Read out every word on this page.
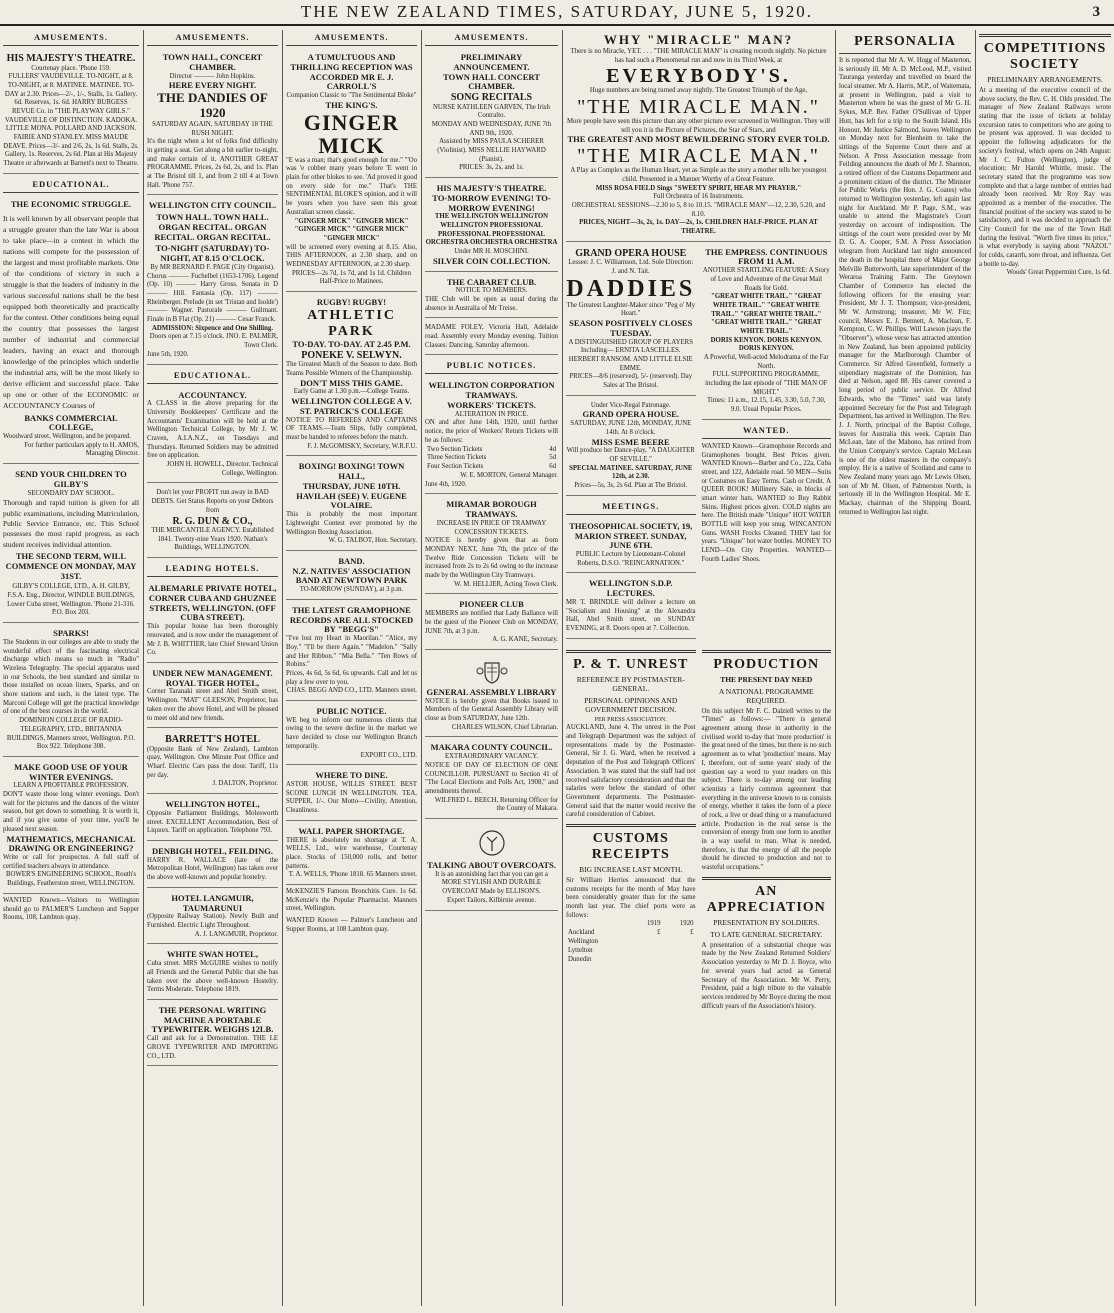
THE NEW ZEALAND TIMES, SATURDAY, JUNE 5, 1920.	3
AMUSEMENTS.
HIS MAJESTY'S THEATRE.
Courtenay place. 'Phone 159.
FULLERS' VAUDEVILLE. TO-NIGHT, at 8. TO-NIGHT, at 8. MATINEE. MATINEE. TO-DAY at 2.30. Prices—2/-, 1/-, Stalls, 1s. Gallery. 6d. Reserves, 1s. 6d. HARRY BURGESS REVUE Co. in "THE PLAYWAY GIRLS." VAUDEVILLE OF DISTINCTION. KADOKA. LITTLE MONA. POLLARD AND JACKSON. FAIRIE AND STANLEY. MISS MAUDE DEAVE. Prices—3/- and 2/6, 2s, 1s 6d. Stalls, 2s. Gallery, 1s. Reserves, 2s 6d. Plan at His Majesty Theatre or afterwards at Barnett's next to Theatre.
EDUCATIONAL.
THE ECONOMIC STRUGGLE.
It is well known by all observant people that a struggle greater than the late War is about to take place—in a contest in which the nations will compete for the possession of the largest and most profitable markets. One of the conditions of victory in such a struggle is that the leaders of industry in the various successful nations shall be the best equipped both theoretically and practically for the contest. Other conditions being equal the country that possesses the largest number of industrial and commercial leaders, having an exact and thorough knowledge of the principles which underlie the industrial arts, will be the most likely to derive efficient and successful place. Take up one or other of the ECONOMIC or ACCOUNTANCY Courses of
BANKS COMMERCIAL COLLEGE,
Woodward street, Wellington, and be prepared.
For further particulars apply to H. AMOS, Managing Director.
SEND YOUR CHILDREN TO GILBY'S
SECONDARY DAY SCHOOL.
Thorough and rapid tuition is given for all public examinations, including Matriculation, Public Service Entrance, etc. This School possesses the most rapid progress, as each student receives individual attention.
THE SECOND TERM, WILL COMMENCE ON MONDAY, MAY 31ST.
GILBY'S COLLEGE, LTD., A. H. GILBY, F.S.A. Eng., Director, WINDLE BUILDINGS, Lower Cuba street, Wellington. 'Phone 21-316. P.O. Box 203.
SPARKS!
The Students in our colleges are able to study the wonderful effect of the fascinating electrical discharge which means so much in "Radio" Wireless Telegraphy. The special apparatus used in our Schools, the best standard and similar to those installed on ocean liners, Sparks, and on shore stations and such, is the latest type. The Marconi College will get the practical knowledge of one of the best courses in the world.
DOMINION COLLEGE OF RADIO-TELEGRAPHY, LTD., BRITANNIA BUILDINGS, Manners street, Wellington. P.O. Box 922. Telephone 308.
MAKE GOOD USE OF YOUR WINTER EVENINGS.
LEARN A PROFITABLE PROFESSION.
DON'T waste those long winter evenings. Don't wait for the pictures and the dances of the winter season, but get down to something. It is worth it, and if you give some of your time, you'll be pleased next season.
MATHEMATICS, MECHANICAL DRAWING OR ENGINEERING?
Write or call for prospectus. A full staff of certified teachers always in attendance.
BOWER'S ENGINEERING SCHOOL, Routh's Buildings, Featherston street, WELLINGTON.
WANTED Known—Visitors to Wellington should go to PALMER'S Luncheon and Supper Rooms, 108, Lambton quay.
AMUSEMENTS.
TOWN HALL, CONCERT CHAMBER.
Director ——— John Hopkins.
HERE EVERY NIGHT.
THE DANDIES OF 1920
SATURDAY AGAIN, SATURDAY 18 THE RUSH NIGHT.
It's the night when a lot of folks find difficulty in getting a seat. Get along a bit earlier to-night, and make certain of it. ANOTHER GREAT PROGRAMME. Prices, 2s 6d, 2s, and 1s. Plan at The Bristol till 1, and from 2 till 4 at Town Hall. 'Phone 757.
WELLINGTON CITY COUNCIL.
TOWN HALL. TOWN HALL. ORGAN RECITAL. ORGAN RECITAL. ORGAN RECITAL.
TO-NIGHT (SATURDAY) TO-NIGHT, AT 8.15 O'CLOCK.
By MR BERNARD F. PAGE (City Organist).
Chorus ——— Fuchelbel (1653-1706). Legend (Op. 10) ——— Harry Gross. Sonata in D ——— Hill. Fantasia (Op. 117) ——— Rheinberger. Prelude (in set 'Tristan and Isolde') ——— Wagner. Pastorale ——— Guilmant. Finale in B Flat (Op. 21) ——— Cesar Franck.
ADMISSION: Sixpence and One Shilling.
Doors open at 7.15 o'clock. JNO. E. PALMER, Town Clerk.
June 5th, 1920.
EDUCATIONAL.
ACCOUNTANCY.
A CLASS in the above preparing for the University Bookkeepers' Certificate and the Accountants' Examination will be held at the Wellington Technical College, by Mr J. W. Craven, A.I.A.N.Z., on Tuesdays and Thursdays. Returned Soldiers may be admitted free on application.
JOHN H. HOWELL, Director. Technical College, Wellington.
Don't let your PROFIT run away in BAD DEBTS. Get Status Reports on your Debtors from
R. G. DUN & CO.,
THE MERCANTILE AGENCY. Established 1841. Twenty-nine Years 1920. Nathan's Buildings, WELLINGTON.
LEADING HOTELS.
ALBEMARLE PRIVATE HOTEL, CORNER CUBA AND GHUZNEE STREETS, WELLINGTON. (OFF CUBA STREET).
This popular house has been thoroughly renovated, and is now under the management of Mr J. B. WHITTIER, late Chief Steward Union Co.
UNDER NEW MANAGEMENT. ROYAL TIGER HOTEL,
Corner Taranaki street and Abel Smith street, Wellington. "MAT" GLEESON, Proprietor, has taken over the above Hotel, and will be pleased to meet old and new friends.
BARRETT'S HOTEL
(Opposite Bank of New Zealand), Lambton quay, Wellington. One Minute Post Office and Wharf. Electric Cars pass the door. Tariff, 11s per day.
J. DALTON, Proprietor.
WELLINGTON HOTEL,
Opposite Parliament Buildings, Molesworth street. EXCELLENT Accommodation, Best of Liquors. Tariff on application. Telephone 793.
DENBIGH HOTEL, FEILDING.
HARRY R. WALLACE (late of the Metropolitan Hotel, Wellington) has taken over the above well-known and popular hostelry.
HOTEL LANGMUIR, TAUMARUNUI
(Opposite Railway Station). Newly Built and Furnished. Electric Light Throughout.
A. J. LANGMUIR, Proprietor.
WHITE SWAN HOTEL,
Cuba street. MRS McGUIRE wishes to notify all Friends and the General Public that she has taken over the above well-known Hostelry. Terms Moderate. Telephone 1819.
THE PERSONAL WRITING MACHINE A PORTABLE TYPEWRITER. WEIGHS 12LB.
Call and ask for a Demonstration. THE LE GROVE TYPEWRITER AND IMPORTING CO., LTD.
AMUSEMENTS.
A TUMULTUOUS AND THRILLING RECEPTION WAS ACCORDED MR E. J. CARROLL'S
Companion Classic to "The Sentimental Bloke"
THE KING'S.
GINGER MICK
"E was a man; that's good enough for me." "'Oo was 'e cobber many years before 'E went in plain for other blokes to see. 'Ad proved it good on every side for me." That's THE SENTIMENTAL BLOKE'S opinion, and it will be yours when you have seen this great Australian screen classic.
"GINGER MICK" "GINGER MICK" "GINGER MICK" "GINGER MICK" "GINGER MICK"
will be screened every evening at 8.15. Also, THIS AFTERNOON, at 2.30 sharp, and on WEDNESDAY AFTERNOON, at 2.30 sharp.
PRICES—2s 7d, 1s 7d, and 1s 1d. Children Half-Price to Matinees.
RUGBY! RUGBY!
ATHLETIC PARK
TO-DAY. TO-DAY. AT 2.45 P.M.
PONEKE V. SELWYN.
The Greatest Match of the Season to date. Both Teams Possible Winners of the Championship.
DON'T MISS THIS GAME.
Early Game at 1.30 p.m.—College Teams.
WELLINGTON COLLEGE A V. ST. PATRICK'S COLLEGE
NOTICE TO REFEREES AND CAPTAINS OF TEAMS.—Team Slips, fully completed, must be handed to referees before the match.
F. J. McGOMISKY, Secretary, W.R.F.U.
BOXING! BOXING! TOWN HALL,
THURSDAY, JUNE 10TH.
HAVILAH (SEE) V. EUGENE VOLAIRE.
This is probably the most important Lightweight Contest ever promoted by the Wellington Boxing Association.
W. G. TALBOT, Hon. Secretary.
BAND.
N.Z. NATIVES' ASSOCIATION BAND AT NEWTOWN PARK
TO-MORROW (SUNDAY), at 3 p.m.
THE LATEST GRAMOPHONE RECORDS ARE ALL STOCKED BY "BEGG'S"
"I've lost my Heart in Maorilan." "Alice, my Boy." "I'll be there Again." "Madelon." "Sally and Her Ribbon." "Mia Bella." "Ten Rows of Robins."
Prices, 4s 6d, 5s 6d, 6s upwards. Call and let us play a few over to you.
CHAS. BEGG AND CO., LTD. Manners street.
PUBLIC NOTICE.
WE beg to inform our numerous clients that owing to the severe decline in the market we have decided to close our Wellington Branch temporarily.
EXPORT CO., LTD.
WHERE TO DINE.
ASTOR HOUSE, WILLIS STREET. BEST SCONE LUNCH IN WELLINGTON. TEA, SUPPER, 1/-. Our Motto—Civility, Attention, Cleanliness.
WALL PAPER SHORTAGE.
THERE is absolutely no shortage at T. A. WELLS, Ltd., wire warehouse, Courtenay place. Stocks of 150,000 rolls, and better patterns.
T. A. WELLS, 'Phone 1818. 65 Manners street.
McKENZIE'S Famous Bronchitis Cure. 1s 6d. McKenzie's the Popular Pharmacist. Manners street, Wellington.
WANTED Known — Palmer's Luncheon and Supper Rooms, at 108 Lambton quay.
AMUSEMENTS.
PRELIMINARY ANNOUNCEMENT.
TOWN HALL CONCERT CHAMBER.
SONG RECITALS
NURSE KATHLEEN GARVEN, The Irish Contralto.
MONDAY AND WEDNESDAY, JUNE 7th AND 9th, 1920.
Assisted by MISS PAULA SCHERER (Violinist). MISS NELLIE HAYWARD (Pianist).
PRICES: 3s, 2s, and 1s.
HIS MAJESTY'S THEATRE.
TO-MORROW EVENING! TO-MORROW EVENING!
THE WELLINGTON WELLINGTON WELLINGTON PROFESSIONAL PROFESSIONAL PROFESSIONAL ORCHESTRA ORCHESTRA ORCHESTRA
Under MR H. MOSCHINI.
SILVER COIN COLLECTION.
THE CABARET CLUB.
NOTICE TO MEMBERS.
THE Club will be open as usual during the absence in Australia of Mr Treise.
MADAME FOLEY, Victoria Hall, Adelaide road. Assembly every Monday evening. Tuition Classes: Dancing, Saturday afternoon.
PUBLIC NOTICES.
WELLINGTON CORPORATION TRAMWAYS.
WORKERS' TICKETS.
ALTERATION IN PRICE.
ON and after June 14th, 1920, until further notice, the price of Workers' Return Tickets will be as follows:
Two Section Tickets	4d
Three Section Tickets	5d
Four Section Tickets	6d
W. E. MORTON, General Manager.
June 4th, 1920.
MIRAMAR BOROUGH TRAMWAYS.
INCREASE IN PRICE OF TRAMWAY CONCESSION TICKETS.
NOTICE is hereby given that as from MONDAY NEXT, June 7th, the price of the Twelve Ride Concession Tickets will be increased from 2s to 2s 6d owing to the increase made by the Wellington City Tramways.
W. M. HELLIER, Acting Town Clerk.
PIONEER CLUB
MEMBERS are notified that Lady Ballance will be the guest of the Pioneer Club on MONDAY, JUNE 7th, at 3 p.m.
A. G. KANE, Secretary.
GENERAL ASSEMBLY LIBRARY
NOTICE is hereby given that Books issued to Members of the General Assembly Library will close as from SATURDAY, June 12th.
CHARLES WILSON, Chief Librarian.
MAKARA COUNTY COUNCIL.
EXTRAORDINARY VACANCY.
NOTICE OF DAY OF ELECTION OF ONE COUNCILLOR. PURSUANT to Section 41 of "The Local Elections and Polls Act, 1908," and amendments thereof.
WILFRED L. BEECH, Returning Officer for the County of Makara.
TALKING ABOUT OVERCOATS.
It is an astonishing fact that you can get a MORE STYLISH AND DURABLE OVERCOAT Made by ELLISON'S.
Expert Tailors, Kilbirnie avenue.
WHY "MIRACLE" MAN?
There is no Miracle, YET. . . . "THE MIRACLE MAN" is creating records nightly. No picture has had such a Phenomenal run and now in its Third Week, at
EVERYBODY'S.
Huge numbers are being turned away nightly. The Greatest Triumph of the Age,
"THE MIRACLE MAN."
More people have seen this picture than any other picture ever screened in Wellington. They will tell you it is the Picture of Pictures, the Star of Stars, and
THE GREATEST AND MOST BEWILDERING STORY EVER TOLD.
"THE MIRACLE MAN."
A Play as Complex as the Human Heart, yet as Simple as the story a mother tells her youngest child. Presented in a Manner Worthy of a Great Feature.
MISS ROSA FIELD Sings "SWEETY SPIRIT, HEAR MY PRAYER."
Full Orchestra of 16 Instruments.
ORCHESTRAL SESSIONS—2.30 to 5, 8 to 10.15. "MIRACLE MAN"—12, 2.30, 5.20, and 8.10.
PRICES, NIGHT—3s, 2s, 1s. DAY—2s, 1s. CHILDREN HALF-PRICE. PLAN AT THEATRE.
GRAND OPERA HOUSE
Lessee: J. C. Williamson, Ltd. Sole Direction: J. and N. Tait.
DADDIES
The Greatest Laughter-Maker since "Peg o' My Heart."
SEASON POSITIVELY CLOSES TUESDAY.
A DISTINGUISHED GROUP OF PLAYERS Including— ERNITA LASCELLES. HERBERT RANSOM. AND LITTLE ELSIE EMME.
PRICES—8/6 (reserved), 5/- (reserved). Day Sales at The Bristol.
Under Vice-Regal Patronage.
GRAND OPERA HOUSE.
SATURDAY, JUNE 12th, MONDAY, JUNE 14th. At 8 o'clock.
MISS ESME BEERE
Will produce her Dance-play, "A DAUGHTER OF SEVILLE."
SPECIAL MATINEE. SATURDAY, JUNE 12th, at 2.30.
Prices—5s, 3s, 2s 6d. Plan at The Bristol.
MEETINGS.
THEOSOPHICAL SOCIETY, 19, MARION STREET. SUNDAY, JUNE 6TH.
PUBLIC Lecture by Lieutenant-Colonel Roberts, D.S.O. "REINCARNATION."
WELLINGTON S.D.P. LECTURES.
MR T. BRINDLE will deliver a lecture on "Socialism and Housing" at the Alexandra Hall, Abel Smith street, on SUNDAY EVENING, at 8. Doors open at 7. Collection.
THE EMPRESS. CONTINUOUS FROM 11 A.M.
ANOTHER STARTLING FEATURE: A Story of Love and Adventure of the Great Mail Roads for Gold.
"GREAT WHITE TRAIL." "GREAT WHITE TRAIL." "GREAT WHITE TRAIL." "GREAT WHITE TRAIL." "GREAT WHITE TRAIL." "GREAT WHITE TRAIL."
DORIS KENYON. DORIS KENYON. DORIS KENYON.
A Powerful, Well-acted Melodrama of the Far North.
FULL SUPPORTING PROGRAMME, including the last episode of "THE MAN OF MIGHT."
Times: 11 a.m., 12.15, 1.45, 3.30, 5.0, 7.30, 9.0. Usual Popular Prices.
WANTED.
WANTED Known—Gramophone Records and Gramophones bought. Best Prices given. WANTED Known—Barber and Co., 22a, Cuba street, and 122, Adelaide road. 50 MEN—Suits or Costumes on Easy Terms. Cash or Credit. A QUEER BOOK! Millinery Sale, in blocks of smart winter hats. WANTED to Buy Rabbit Skins. Highest prices given. COLD nights are here. The British made "Unique" HOT WATER BOTTLE will keep you snug. WINCANTON Guns. WASH Frocks Cleaned. THEY last for years. "Unique" hot water bottles. MONEY TO LEND—On City Properties. WANTED—Fourth Ladies' Shoes.
P. & T. UNREST
REFERENCE BY POSTMASTER-GENERAL.
PERSONAL OPINIONS AND GOVERNMENT DECISION.
PER PRESS ASSOCIATION.
AUCKLAND, June 4. The unrest in the Post and Telegraph Department was the subject of representations made by the Postmaster-General, Sir J. G. Ward, when he received a deputation of the Post and Telegraph Officers' Association. It was stated that the staff had not received satisfactory consideration and that the salaries were below the standard of other Government departments. The Postmaster-General said that the matter would receive the careful consideration of Cabinet.
CUSTOMS RECEIPTS
BIG INCREASE LAST MONTH.
Sir William Herries announced that the customs receipts for the month of May have been considerably greater than for the same month last year. The chief ports were as follows:
	1919	1920
Auckland	£	£
Wellington		
Lyttelton		
Dunedin		
PRODUCTION
THE PRESENT DAY NEED
A NATIONAL PROGRAMME REQUIRED.
On this subject Mr F. C. Dalziell writes to the "Times" as follows:— "There is general agreement among those in authority in the civilised world to-day that 'more production' is the great need of the times, but there is no such agreement as to what 'production' means. May I, therefore, out of some years' study of the question say a word to your readers on this subject. There is to-day among our leading scientists a fairly common agreement that everything in the universe known to us consists of energy, whether it takes the form of a piece of rock, a live or dead thing or a manufactured article. Production in the real sense is the conversion of energy from one form to another in a way useful to man. What is needed, therefore, is that the energy of all the people should be directed to production and not to wasteful occupations."
AN APPRECIATION
PRESENTATION BY SOLDIERS.
TO LATE GENERAL SECRETARY.
A presentation of a substantial cheque was made by the New Zealand Returned Soldiers' Association yesterday to Mr D. J. Boyce, who for several years had acted as General Secretary of the Association. Mr W. Perry, President, paid a high tribute to the valuable services rendered by Mr Boyce during the most difficult years of the Association's history.
PERSONALIA
It is reported that Mr A. W. Hogg of Masterton, is seriously ill. Mr A. D. McLeod, M.P., visited Tauranga yesterday and travelled on board the local steamer. Mr A. Harris, M.P., of Waitemata, at present in Wellington, paid a visit to Masterton where he was the guest of Mr G. H. Sykes, M.P. Rev. Father O'Sullivan of Upper Hutt, has left for a trip to the South Island. His Honour, Mr Justice Salmond, leaves Wellington on Monday next for Blenheim to take the sittings of the Supreme Court there and at Nelson. A Press Association message from Feilding announces the death of Mr J. Shannon, a retired officer of the Customs Department and a prominent citizen of the district. The Minister for Public Works (the Hon. J. G. Coates) who returned to Wellington yesterday, left again last night for Auckland. Mr P. Page, S.M., was unable to attend the Magistrate's Court yesterday on account of indisposition. The sittings of the court were presided over by Mr D. G. A. Cooper, S.M. A Press Association telegram from Auckland last night announced the death in the hospital there of Major George Melville Butterworth, late superintendent of the Weraroa Training Farm. The Greytown Chamber of Commerce has elected the following officers for the ensuing year: President, Mr J. T. Thompson; vice-president, Mr W. Armstrong; treasurer, Mr W. Fitz; council, Messrs E. J. Bennett, A. Maclean, F. Kempton, C. W. Phillips. Will Lawson (says the "Observer"), whose verse has attracted attention in New Zealand, has been appointed publicity manager for the Marlborough Chamber of Commerce. Sir Alfred Greenfield, formerly a stipendiary magistrate of the Dominion, has died at Nelson, aged 88. His career covered a long period of public service. Dr Alfred Edwards, who the "Times" said was lately appointed Secretary for the Post and Telegraph Department, has arrived in Wellington. The Rev. J. J. North, principal of the Baptist College, leaves for Australia this week. Captain Dan McLean, late of the Mahono, has retired from the Union Company's service. Captain McLean is one of the oldest masters in the company's employ. He is a native of Scotland and came to New Zealand many years ago. Mr Lewis Olsen, son of Mr M. Olsen, of Palmerston North, is seriously ill in the Wellington Hospital. Mr E. Mackay, chairman of the Shipping Board, returned to Wellington last night.
COMPETITIONS SOCIETY
PRELIMINARY ARRANGEMENTS.
At a meeting of the executive council of the above society, the Rev. C. H. Olds presided. The manager of New Zealand Railways wrote stating that the issue of tickets at holiday excursion rates to competitors who are going to be present was approved. It was decided to appoint the following adjudicators for the society's festival, which opens on 24th August: Mr J. C. Fulton (Wellington), judge of elocution; Mr Harold Whittle, music. The secretary stated that the programme was now complete and that a large number of entries had already been received. Mr Roy Ray was appointed as a member of the executive. The financial position of the society was stated to be satisfactory, and it was decided to approach the City Council for the use of the Town Hall during the festival. "Worth five times its price," is what everybody is saying about "NAZOL" for colds, catarrh, sore throat, and influenza. Get a bottle to-day.
Woods' Great Peppermint Cure, 1s 6d.
